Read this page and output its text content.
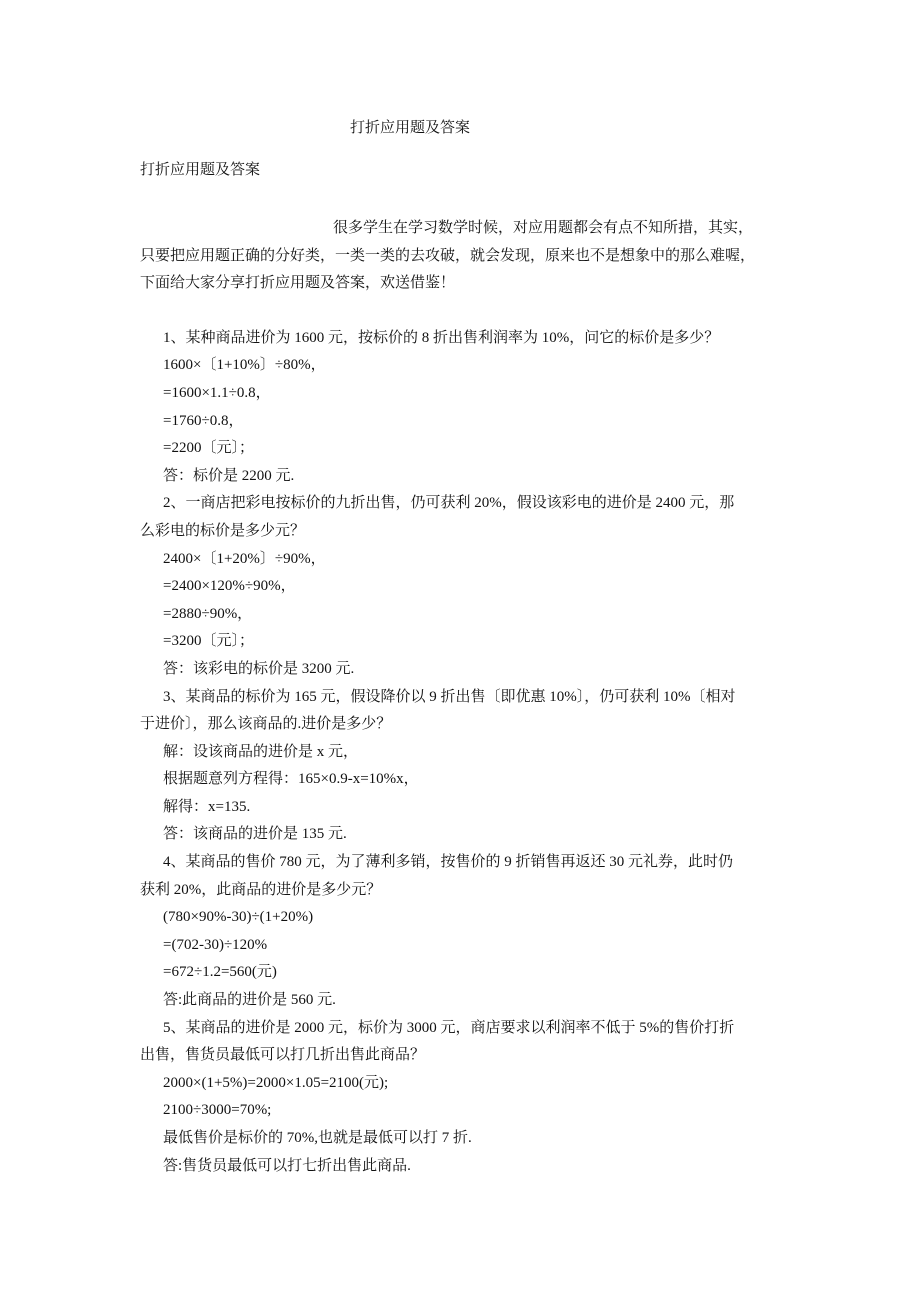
打折应用题及答案
打折应用题及答案
很多学生在学习数学时候，对应用题都会有点不知所措，其实，
只要把应用题正确的分好类，一类一类的去攻破，就会发现，原来也不是想象中的那么难喔，
下面给大家分享打折应用题及答案，欢送借鉴！
1、某种商品进价为 1600 元，按标价的 8 折出售利润率为 10%，问它的标价是多少？
1600×〔1+10%〕÷80%，
=1600×1.1÷0.8，
=1760÷0.8，
=2200〔元〕；
答：标价是 2200 元.
2、一商店把彩电按标价的九折出售，仍可获利 20%，假设该彩电的进价是 2400 元，那
么彩电的标价是多少元？
2400×〔1+20%〕÷90%，
=2400×120%÷90%，
=2880÷90%，
=3200〔元〕；
答：该彩电的标价是 3200 元.
3、某商品的标价为 165 元，假设降价以 9 折出售〔即优惠 10%〕，仍可获利 10%〔相对
于进价〕，那么该商品的.进价是多少？
解：设该商品的进价是 x 元，
根据题意列方程得：165×0.9-x=10%x，
解得：x=135.
答：该商品的进价是 135 元.
4、某商品的售价 780 元，为了薄利多销，按售价的 9 折销售再返还 30 元礼券，此时仍
获利 20%，此商品的进价是多少元？
(780×90%-30)÷(1+20%)
=(702-30)÷120%
=672÷1.2=560(元)
答:此商品的进价是 560 元.
5、某商品的进价是 2000 元，标价为 3000 元，商店要求以利润率不低于 5%的售价打折
出售，售货员最低可以打几折出售此商品？
2000×(1+5%)=2000×1.05=2100(元);
2100÷3000=70%;
最低售价是标价的 70%,也就是最低可以打 7 折.
答:售货员最低可以打七折出售此商品.
